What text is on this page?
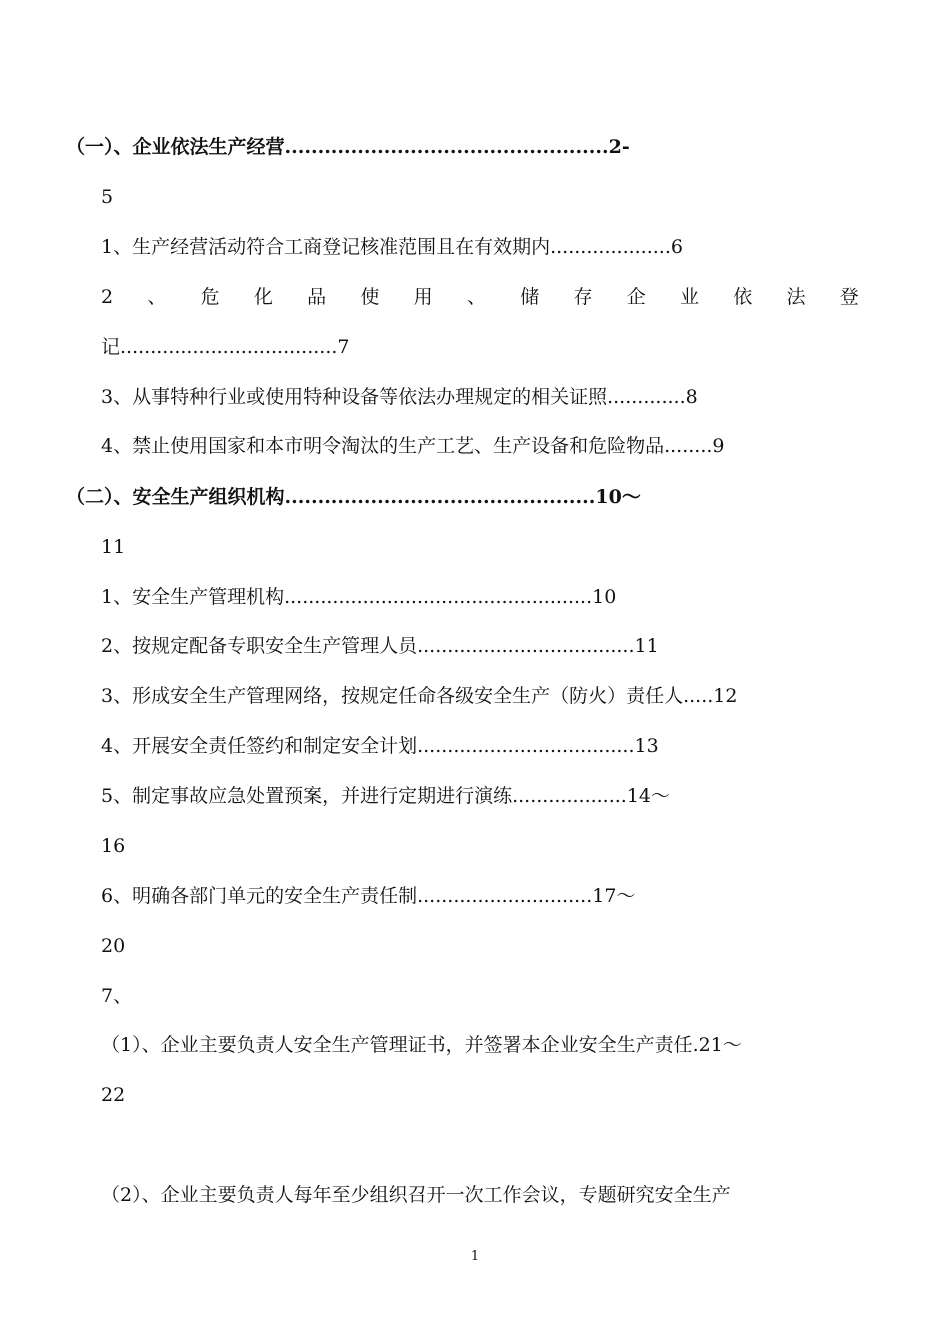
（一）、企业依法生产经营.................................................2-
5
1、生产经营活动符合工商登记核准范围且在有效期内....................6
2 、 危 化 品 使 用 、 储 存 企 业 依 法 登
记....................................7
3、从事特种行业或使用特种设备等依法办理规定的相关证照.............8
4、禁止使用国家和本市明令淘汰的生产工艺、生产设备和危险物品........9
（二）、安全生产组织机构...............................................10～
11
1、安全生产管理机构...................................................10
2、按规定配备专职安全生产管理人员....................................11
3、形成安全生产管理网络，按规定任命各级安全生产（防火）责任人.....12
4、开展安全责任签约和制定安全计划....................................13
5、制定事故应急处置预案，并进行定期进行演练...................14～
16
6、明确各部门单元的安全生产责任制.............................17～
20
7、
（1）、企业主要负责人安全生产管理证书，并签署本企业安全生产责任.21～
22
（2）、企业主要负责人每年至少组织召开一次工作会议，专题研究安全生产
1
